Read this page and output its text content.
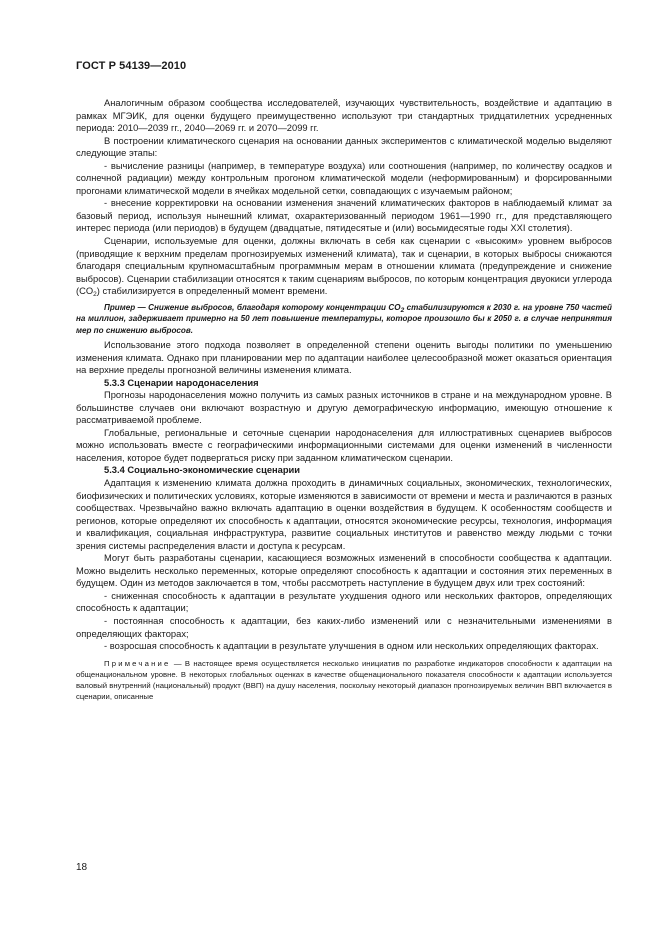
ГОСТ Р 54139—2010

Аналогичным образом сообщества исследователей, изучающих чувствительность, воздействие и адаптацию в рамках МГЭИК, для оценки будущего преимущественно используют три стандартных тридцатилетних усредненных периода: 2010—2039 гг., 2040—2069 гг. и 2070—2099 гг.

В построении климатического сценария на основании данных экспериментов с климатической моделью выделяют следующие этапы:

- вычисление разницы (например, в температуре воздуха) или соотношения (например, по количеству осадков и солнечной радиации) между контрольным прогоном климатической модели (неформированным) и форсированными прогонами климатической модели в ячейках модельной сетки, совпадающих с изучаемым районом;

- внесение корректировки на основании изменения значений климатических факторов в наблюдаемый климат за базовый период, используя нынешний климат, охарактеризованный периодом 1961—1990 гг., для представляющего интерес периода (или периодов) в будущем (двадцатые, пятидесятые и (или) восьмидесятые годы XXI столетия).

Сценарии, используемые для оценки, должны включать в себя как сценарии с «высоким» уровнем выбросов (приводящие к верхним пределам прогнозируемых изменений климата), так и сценарии, в которых выбросы снижаются благодаря специальным крупномасштабным программным мерам в отношении климата (предупреждение и снижение выбросов). Сценарии стабилизации относятся к таким сценариям выбросов, по которым концентрация двуокиси углерода $(CO_2)$ стабилизируется в определенный момент времени.

Пример — Снижение выбросов, благодаря которому концентрации $CO_2$ стабилизируются к 2030 г. на уровне 750 частей на миллион, задерживает примерно на 50 лет повышение температуры, которое произошло бы к 2050 г. в случае непринятия мер по снижению выбросов.

Использование этого подхода позволяет в определенной степени оценить выгоды политики по уменьшению изменения климата. Однако при планировании мер по адаптации наиболее целесообразной может оказаться ориентация на верхние пределы прогнозной величины изменения климата.

5.3.3 Сценарии народонаселения

Прогнозы народонаселения можно получить из самых разных источников в стране и на международном уровне. В большинстве случаев они включают возрастную и другую демографическую информацию, имеющую отношение к рассматриваемой проблеме.

Глобальные, региональные и сеточные сценарии народонаселения для иллюстративных сценариев выбросов можно использовать вместе с географическими информационными системами для оценки изменений в численности населения, которое будет подвергаться риску при заданном климатическом сценарии.

5.3.4 Социально-экономические сценарии

Адаптация к изменению климата должна проходить в динамичных социальных, экономических, технологических, биофизических и политических условиях, которые изменяются в зависимости от времени и места и различаются в разных сообществах. Чрезвычайно важно включать адаптацию в оценки воздействия в будущем. К особенностям сообществ и регионов, которые определяют их способность к адаптации, относятся экономические ресурсы, технология, информация и квалификация, социальная инфраструктура, развитие социальных институтов и равенство между людьми с точки зрения системы распределения власти и доступа к ресурсам.

Могут быть разработаны сценарии, касающиеся возможных изменений в способности сообщества к адаптации. Можно выделить несколько переменных, которые определяют способность к адаптации и состояния этих переменных в будущем. Один из методов заключается в том, чтобы рассмотреть наступление в будущем двух или трех состояний:

- сниженная способность к адаптации в результате ухудшения одного или нескольких факторов, определяющих способность к адаптации;

- постоянная способность к адаптации, без каких-либо изменений или с незначительными изменениями в определяющих факторах;

- возросшая способность к адаптации в результате улучшения в одном или нескольких определяющих факторах.

Примечание — В настоящее время осуществляется несколько инициатив по разработке индикаторов способности к адаптации на общенациональном уровне. В некоторых глобальных оценках в качестве общенационального показателя способности к адаптации используется валовый внутренний (национальный) продукт (ВВП) на душу населения, поскольку некоторый диапазон прогнозируемых величин ВВП включается в сценарии, описанные

18
